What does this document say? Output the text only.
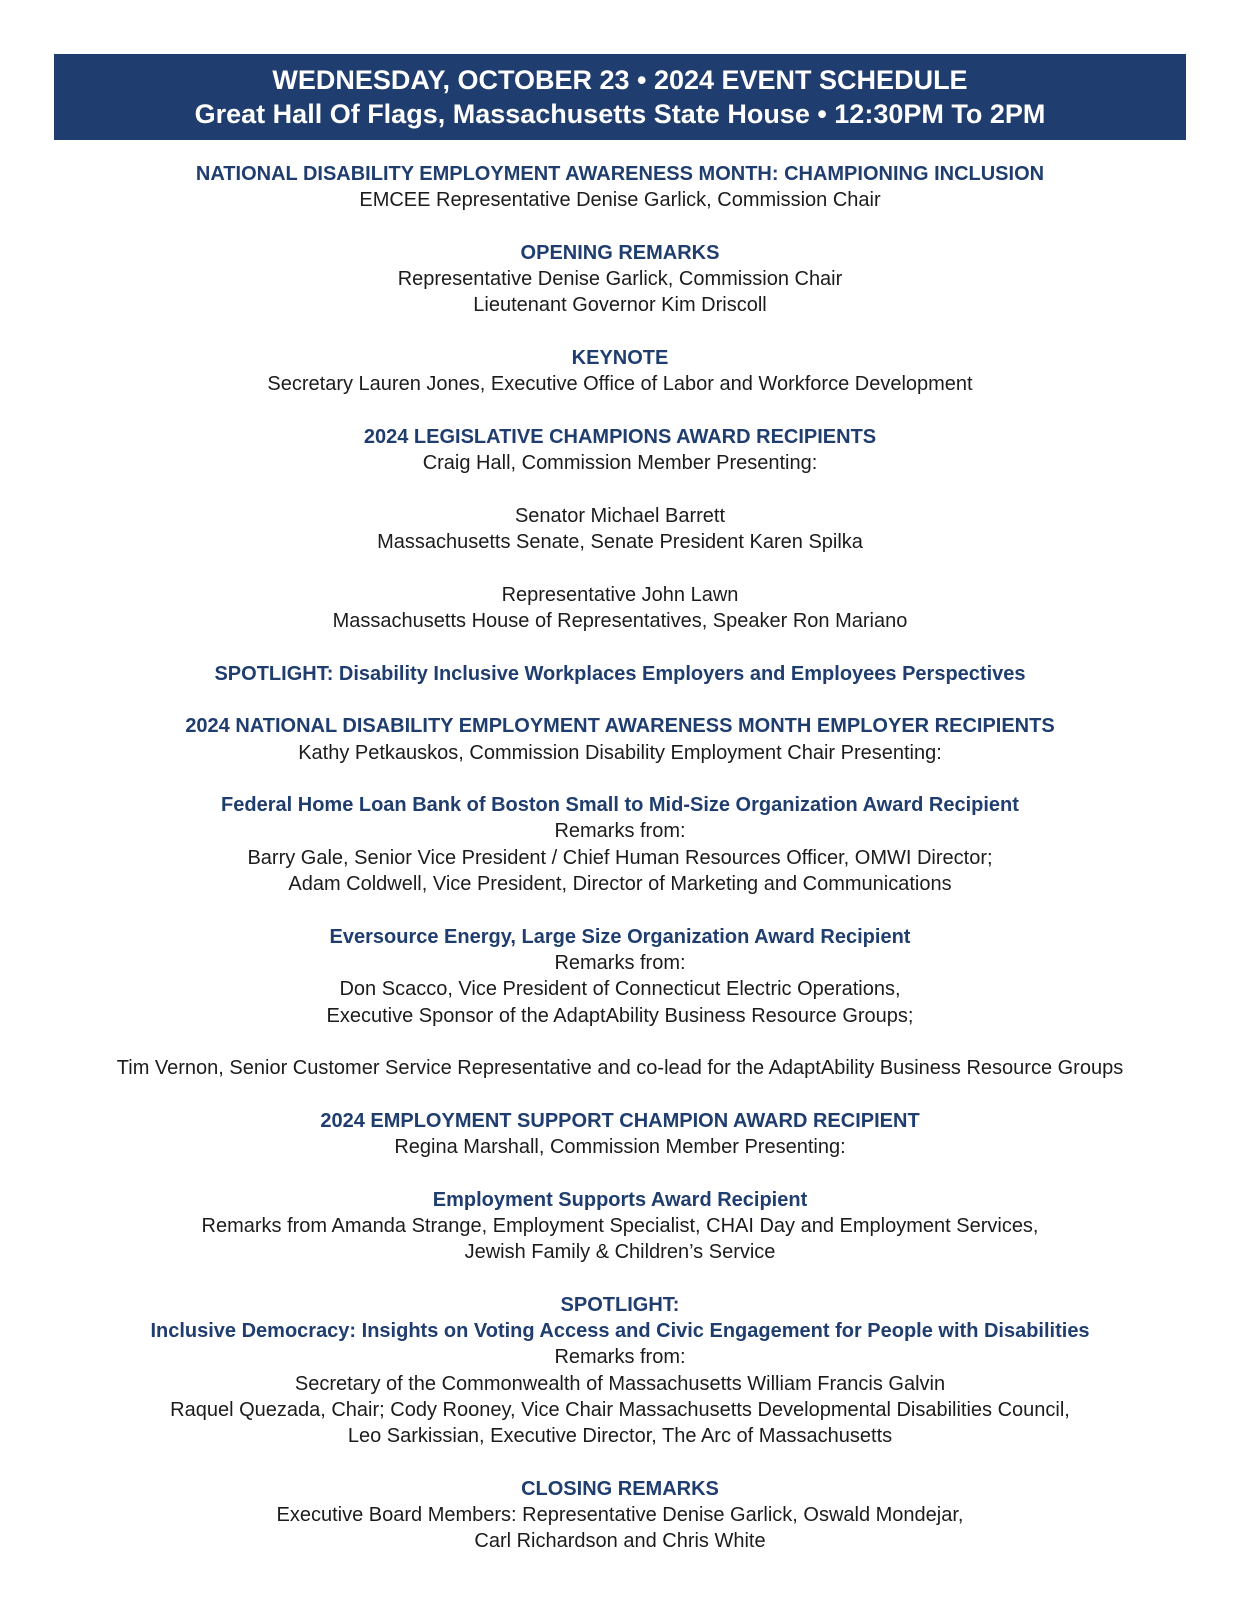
WEDNESDAY, OCTOBER 23 • 2024 EVENT SCHEDULE
Great Hall Of Flags, Massachusetts State House • 12:30PM To 2PM
NATIONAL DISABILITY EMPLOYMENT AWARENESS MONTH: CHAMPIONING INCLUSION
EMCEE Representative Denise Garlick, Commission Chair
OPENING REMARKS
Representative Denise Garlick, Commission Chair
Lieutenant Governor Kim Driscoll
KEYNOTE
Secretary Lauren Jones, Executive Office of Labor and Workforce Development
2024 LEGISLATIVE CHAMPIONS AWARD RECIPIENTS
Craig Hall, Commission Member Presenting:
Senator Michael Barrett
Massachusetts Senate, Senate President Karen Spilka
Representative John Lawn
Massachusetts House of Representatives, Speaker Ron Mariano
SPOTLIGHT: Disability Inclusive Workplaces Employers and Employees Perspectives
2024 NATIONAL DISABILITY EMPLOYMENT AWARENESS MONTH EMPLOYER RECIPIENTS
Kathy Petkauskos, Commission Disability Employment Chair Presenting:
Federal Home Loan Bank of Boston Small to Mid-Size Organization Award Recipient
Remarks from:
Barry Gale, Senior Vice President / Chief Human Resources Officer, OMWI Director;
Adam Coldwell, Vice President, Director of Marketing and Communications
Eversource Energy, Large Size Organization Award Recipient
Remarks from:
Don Scacco, Vice President of Connecticut Electric Operations,
Executive Sponsor of the AdaptAbility Business Resource Groups;
Tim Vernon, Senior Customer Service Representative and co-lead for the AdaptAbility Business Resource Groups
2024 EMPLOYMENT SUPPORT CHAMPION AWARD RECIPIENT
Regina Marshall, Commission Member Presenting:
Employment Supports Award Recipient
Remarks from Amanda Strange, Employment Specialist, CHAI Day and Employment Services,
Jewish Family & Children’s Service
SPOTLIGHT:
Inclusive Democracy: Insights on Voting Access and Civic Engagement for People with Disabilities
Remarks from:
Secretary of the Commonwealth of Massachusetts William Francis Galvin
Raquel Quezada, Chair; Cody Rooney, Vice Chair Massachusetts Developmental Disabilities Council,
Leo Sarkissian, Executive Director, The Arc of Massachusetts
CLOSING REMARKS
Executive Board Members: Representative Denise Garlick, Oswald Mondejar,
Carl Richardson and Chris White
